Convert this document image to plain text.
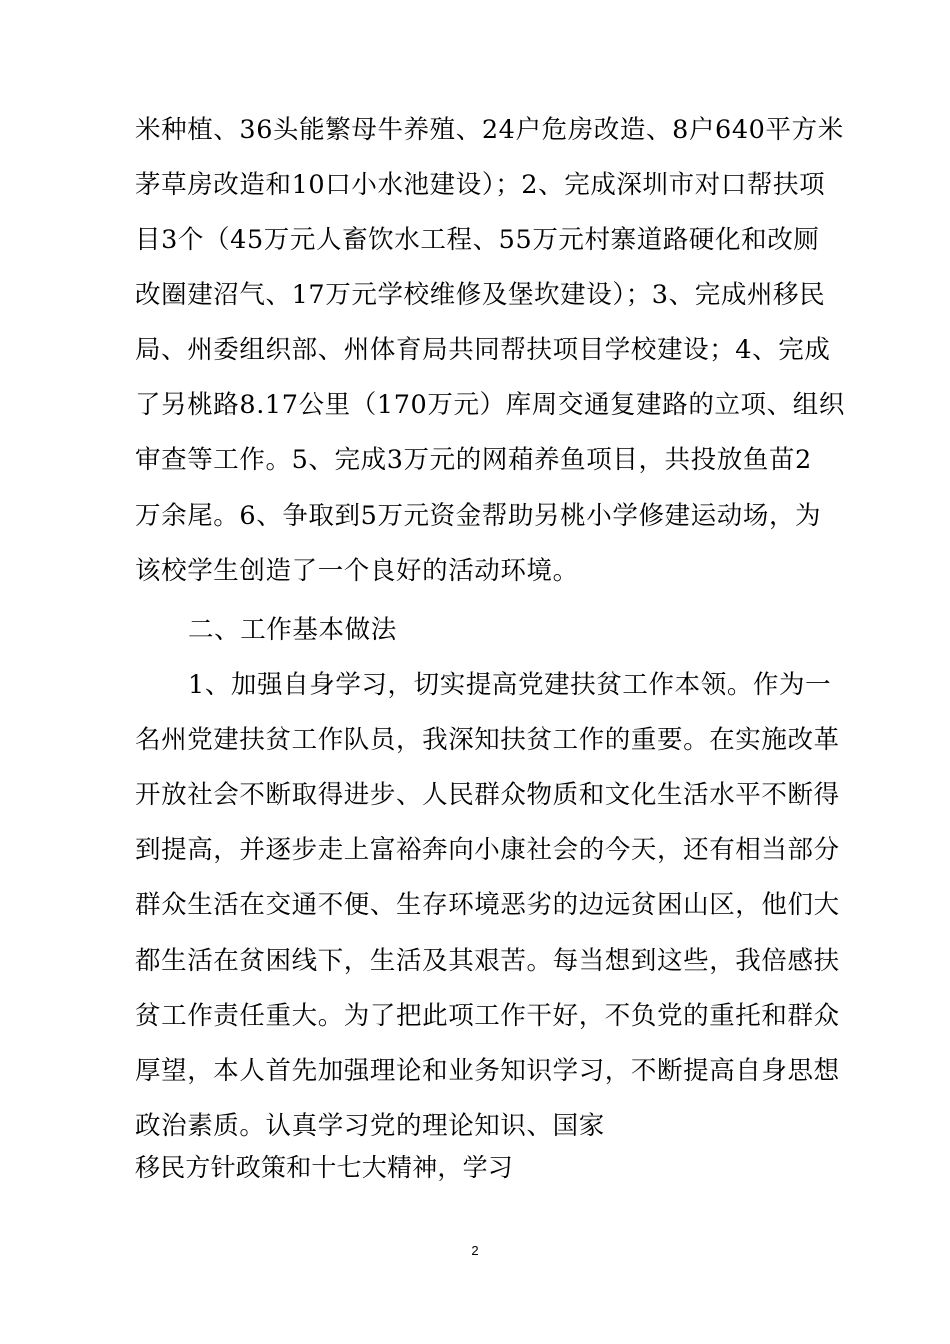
米种植、36头能繁母牛养殖、24户危房改造、8户640平方米
茅草房改造和10口小水池建设）；2、完成深圳市对口帮扶项
目3个（45万元人畜饮水工程、55万元村寨道路硬化和改厕
改圈建沼气、17万元学校维修及堡坎建设）；3、完成州移民
局、州委组织部、州体育局共同帮扶项目学校建设；4、完成
了另桃路8.17公里（170万元）库周交通复建路的立项、组织
审查等工作。5、完成3万元的网葙养鱼项目，共投放鱼苗2
万余尾。6、争取到5万元资金帮助另桃小学修建运动场，为
该校学生创造了一个良好的活动环境。
二、工作基本做法
1、加强自身学习，切实提高党建扶贫工作本领。作为一
名州党建扶贫工作队员，我深知扶贫工作的重要。在实施改革
开放社会不断取得进步、人民群众物质和文化生活水平不断得
到提高，并逐步走上富裕奔向小康社会的今天，还有相当部分
群众生活在交通不便、生存环境恶劣的边远贫困山区，他们大
都生活在贫困线下，生活及其艰苦。每当想到这些，我倍感扶
贫工作责任重大。为了把此项工作干好，不负党的重托和群众
厚望，本人首先加强理论和业务知识学习，不断提高自身思想
政治素质。认真学习党的理论知识、国家
移民方针政策和十七大精神，学习
2
